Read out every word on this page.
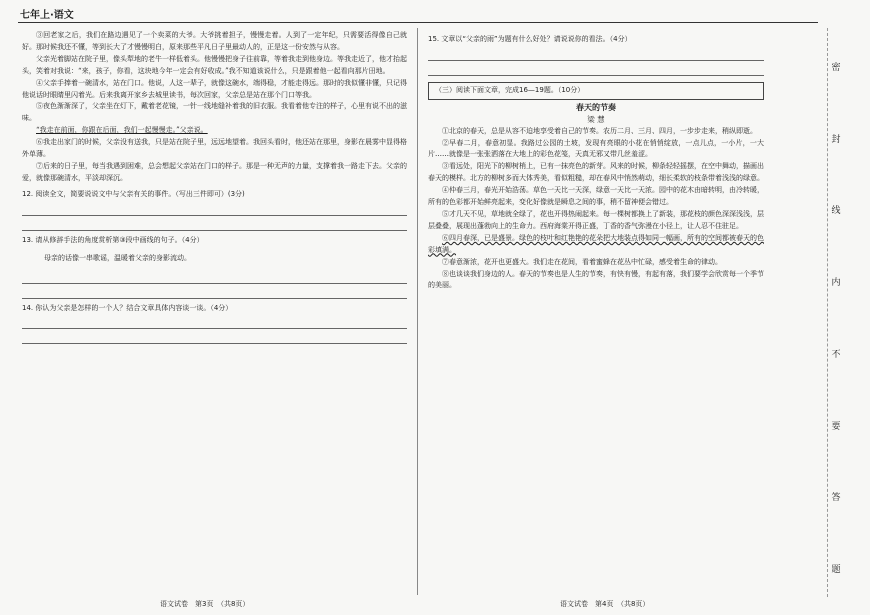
七年上·语文

③回老家之后，我们在路边遇见了一个卖菜的大爷。大爷挑着担子，慢慢走着。人到了一定年纪，只需要活得像自己就好。那时候我还不懂，等到长大了才慢慢明白，原来那些平凡日子里最动人的，正是这一份安然与从容。

父亲光着脚站在院子里，像头犁地的老牛一样低着头。他慢慢把身子往前靠，等着我走到他身边。等我走近了，他才抬起头，笑着对我说：“来，孩子，你看，这块地今年一定会有好收成。”我不知道该说什么，只是跟着他一起看向那片田地。

④父亲手捧着一碗清水，站在门口。他说，人这一辈子，就像这碗水，端得稳，才能走得远。那时的我似懂非懂，只记得他说话时眼睛里闪着光。后来我离开家乡去城里读书，每次回家，父亲总是站在那个门口等我。

⑤夜色渐渐深了，父亲坐在灯下，戴着老花镜，一针一线地缝补着我的旧衣服。我看着他专注的样子，心里有说不出的滋味。

“我走在前面，你跟在后面，我们一起慢慢走。”父亲说。

⑥我走出家门的时候，父亲没有送我，只是站在院子里，远远地望着。我回头看时，他还站在那里，身影在晨雾中显得格外单薄。

⑦后来的日子里，每当我遇到困难，总会想起父亲站在门口的样子。那是一种无声的力量，支撑着我一路走下去。父亲的爱，就像那碗清水，平淡却深沉。

12. 阅读全文，简要说说文中与父亲有关的事件。（写出三件即可）(3分)
13. 请从修辞手法的角度赏析第③段中画线的句子。（4分）
母亲的话像一串歌谣，温暖着父亲的身影流动。
14. 你认为父亲是怎样的一个人？结合文章具体内容谈一谈。（4分）
15. 文章以“父亲的雨”为题有什么好处？请说说你的看法。（4分）
（三）阅读下面文章，完成16—19题。（10分）

春天的节奏

梁 慧

①北京的春天，总是从容不迫地享受着自己的节奏。农历二月、三月、四月，一步步走来，稍纵即逝。

②早春二月，春意初显。我路过公园的土坡，发现有亮眼的小花在悄悄绽放，一点儿点，一小片，一大片……就像是一张张洒落在大地上的彩色花笺，天真无邪又带几丝羞涩。

③看远处，阳光下的柳树梢上，已有一抹亮色的新芽。风来的时候，柳条轻轻摇摆，在空中舞动，描画出春天的模样。北方的柳树多而大体秀美，看似粗糙，却在春风中悄然萌动，细长柔软的枝条带着浅浅的绿意。

④仲春三月，春光开始浩荡。草色一天比一天深，绿意一天比一天浓。园中的花木由暗转明，由冷转暖，所有的色彩都开始鲜亮起来，变化好像就是瞬息之间的事，稍不留神便会错过。

⑤才几天不见，草地就全绿了，花也开得热闹起来。每一棵树都换上了新装，那花枝的颜色深深浅浅，层层叠叠，展现出蓬勃向上的生命力。西府海棠开得正盛，丁香的香气弥漫在小径上，让人忍不住驻足。

⑥四月春深，已是盛景。绿色的枝叶和红艳艳的花朵把大地装点得如同一幅画，所有的空间都被春天的色彩填满。

⑦春意渐浓，花开也更盛大。我们走在花间，看着蜜蜂在花丛中忙碌，感受着生命的律动。

⑧也谈谈我们身边的人。春天的节奏也是人生的节奏，有快有慢，有起有落，我们要学会欣赏每一个季节的美丽。

语文试卷　第3页　（共8页）	语文试卷　第4页　（共8页）
密
封
线
内
不
要
答
题
